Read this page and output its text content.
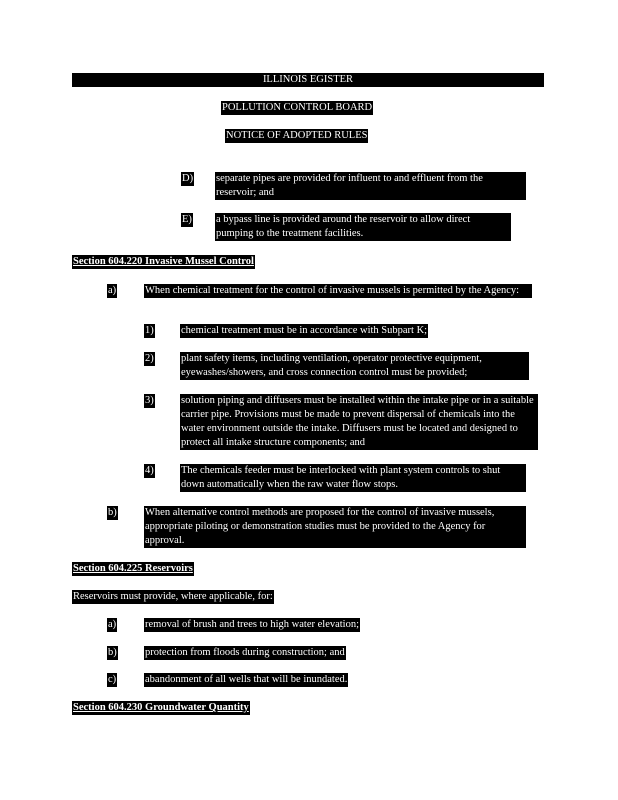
ILLINOIS EGISTER
POLLUTION CONTROL BOARD
NOTICE OF ADOPTED RULES
D) separate pipes are provided for influent to and effluent from the reservoir; and
E) a bypass line is provided around the reservoir to allow direct pumping to the treatment facilities.
Section 604.220 Invasive Mussel Control
a)	When chemical treatment for the control of invasive mussels is permitted by the Agency:
1)	chemical treatment must be in accordance with Subpart K;
2)	plant safety items, including ventilation, operator protective equipment, eyewashes/showers, and cross connection control must be provided;
3)	solution piping and diffusers must be installed within the intake pipe or in a suitable carrier pipe. Provisions must be made to prevent dispersal of chemicals into the water environment outside the intake. Diffusers must be located and designed to protect all intake structure components; and
4)	The chemicals feeder must be interlocked with plant system controls to shut down automatically when the raw water flow stops.
b)	When alternative control methods are proposed for the control of invasive mussels, appropriate piloting or demonstration studies must be provided to the Agency for approval.
Section 604.225 Reservoirs
Reservoirs must provide, where applicable, for:
a)	removal of brush and trees to high water elevation;
b)	protection from floods during construction; and
c)	abandonment of all wells that will be inundated.
Section 604.230 Groundwater Quantity
